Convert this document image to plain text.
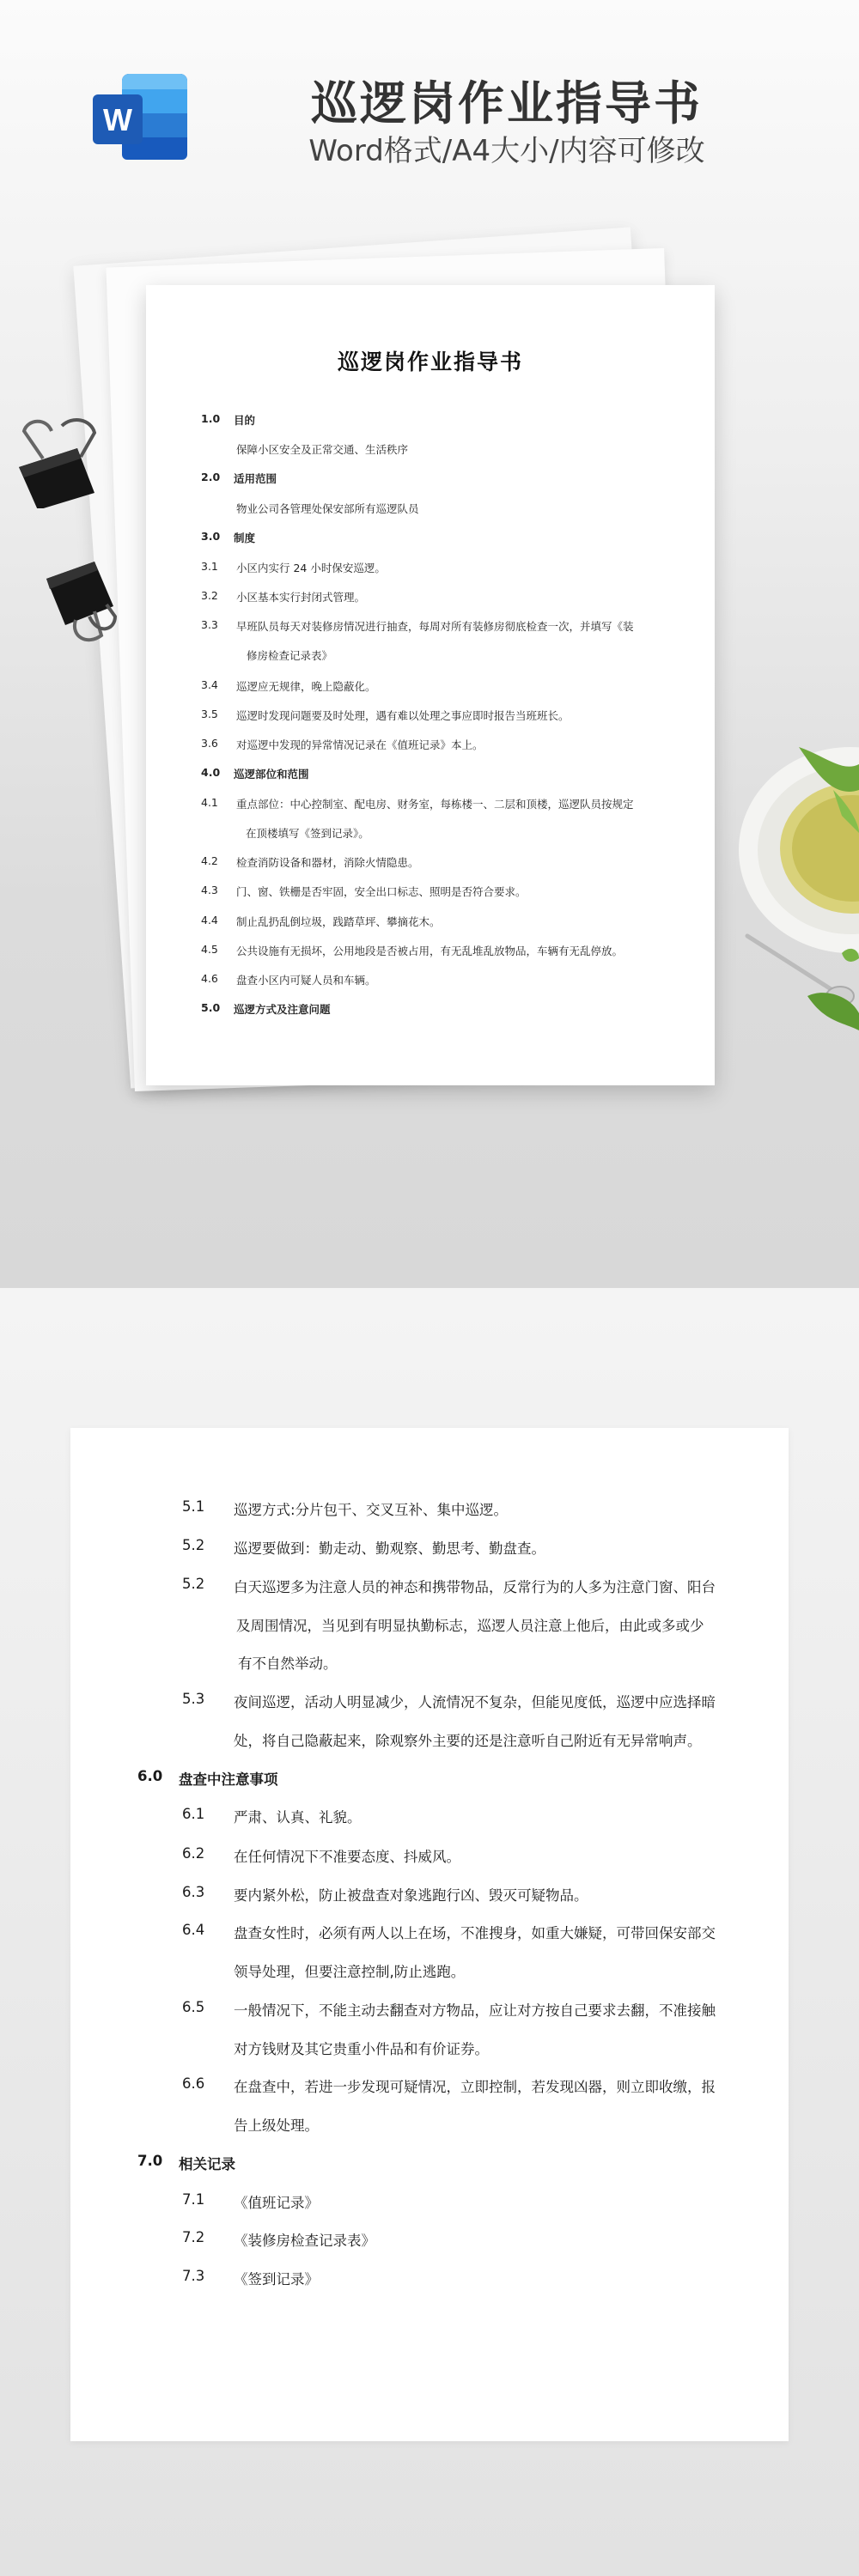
W	巡逻岗作业指导书
Word格式/A4大小/内容可修改
巡逻岗作业指导书
1.0 目的
保障小区安全及正常交通、生活秩序
2.0 适用范围
物业公司各管理处保安部所有巡逻队员
3.0 制度
3.1 小区内实行 24 小时保安巡逻。
3.2 小区基本实行封闭式管理。
3.3 早班队员每天对装修房情况进行抽查，每周对所有装修房彻底检查一次，并填写《装
修房检查记录表》
3.4 巡逻应无规律，晚上隐蔽化。
3.5 巡逻时发现问题要及时处理，遇有难以处理之事应即时报告当班班长。
3.6 对巡逻中发现的异常情况记录在《值班记录》本上。
4.0 巡逻部位和范围
4.1 重点部位：中心控制室、配电房、财务室，每栋楼一、二层和顶楼，巡逻队员按规定
在顶楼填写《签到记录》。
4.2 检查消防设备和器材，消除火情隐患。
4.3 门、窗、铁栅是否牢固，安全出口标志、照明是否符合要求。
4.4 制止乱扔乱倒垃圾，践踏草坪、攀摘花木。
4.5 公共设施有无损坏，公用地段是否被占用，有无乱堆乱放物品，车辆有无乱停放。
4.6 盘查小区内可疑人员和车辆。
5.0 巡逻方式及注意问题
5.1 巡逻方式:分片包干、交叉互补、集中巡逻。
5.2 巡逻要做到：勤走动、勤观察、勤思考、勤盘查。
5.2 白天巡逻多为注意人员的神态和携带物品，反常行为的人多为注意门窗、阳台
及周围情况，当见到有明显执勤标志，巡逻人员注意上他后，由此或多或少
有不自然举动。
5.3 夜间巡逻，活动人明显减少，人流情况不复杂，但能见度低，巡逻中应选择暗
处，将自己隐蔽起来，除观察外主要的还是注意听自己附近有无异常响声。
6.0 盘查中注意事项
6.1 严肃、认真、礼貌。
6.2 在任何情况下不准要态度、抖威风。
6.3 要内紧外松，防止被盘查对象逃跑行凶、毁灭可疑物品。
6.4 盘查女性时，必须有两人以上在场，不准搜身，如重大嫌疑，可带回保安部交
领导处理，但要注意控制,防止逃跑。
6.5 一般情况下，不能主动去翻查对方物品，应让对方按自己要求去翻，不准接触
对方钱财及其它贵重小件品和有价证券。
6.6 在盘查中，若进一步发现可疑情况，立即控制，若发现凶器，则立即收缴，报
告上级处理。
7.0 相关记录
7.1 《值班记录》
7.2 《装修房检查记录表》
7.3 《签到记录》
